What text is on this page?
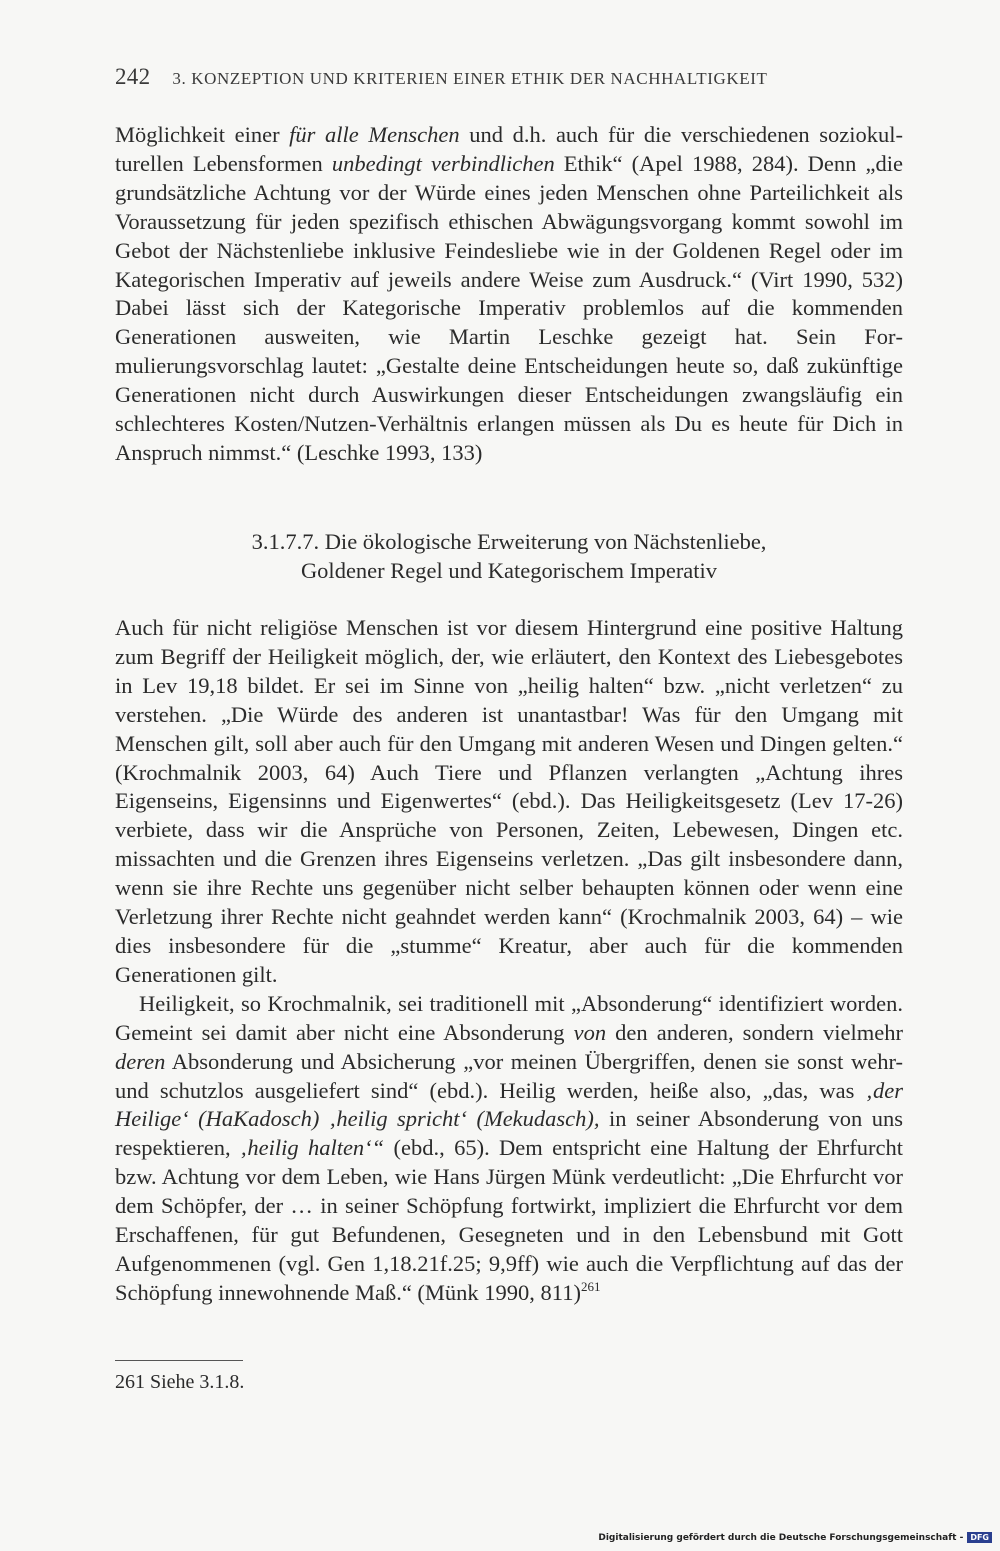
242 3. KONZEPTION UND KRITERIEN EINER ETHIK DER NACHHALTIGKEIT

Möglichkeit einer für alle Menschen und d.h. auch für die verschiedenen soziokulturellen Lebensformen unbedingt verbindlichen Ethik“ (Apel 1988, 284). Denn „die grundsätzliche Achtung vor der Würde eines jeden Menschen ohne Parteilichkeit als Voraussetzung für jeden spezifisch ethischen Abwägungsvorgang kommt sowohl im Gebot der Nächstenliebe inklusive Feindesliebe wie in der Goldenen Regel oder im Kategorischen Imperativ auf jeweils andere Weise zum Ausdruck.“ (Virt 1990, 532) Dabei lässt sich der Kategorische Imperativ problemlos auf die kommenden Generationen ausweiten, wie Martin Leschke gezeigt hat. Sein Formulierungsvorschlag lautet: „Gestalte deine Entscheidungen heute so, daß zukünftige Generationen nicht durch Auswirkungen dieser Entscheidungen zwangsläufig ein schlechteres Kosten/Nutzen-Verhältnis erlangen müssen als Du es heute für Dich in Anspruch nimmst.“ (Leschke 1993, 133)

3.1.7.7. Die ökologische Erweiterung von Nächstenliebe,
Goldener Regel und Kategorischem Imperativ

Auch für nicht religiöse Menschen ist vor diesem Hintergrund eine positive Haltung zum Begriff der Heiligkeit möglich, der, wie erläutert, den Kontext des Liebesgebotes in Lev 19,18 bildet. Er sei im Sinne von „heilig halten“ bzw. „nicht verletzen“ zu verstehen. „Die Würde des anderen ist unantastbar! Was für den Umgang mit Menschen gilt, soll aber auch für den Umgang mit anderen Wesen und Dingen gelten.“ (Krochmalnik 2003, 64) Auch Tiere und Pflanzen verlangten „Achtung ihres Eigenseins, Eigensinns und Eigenwertes“ (ebd.). Das Heiligkeitsgesetz (Lev 17-26) verbiete, dass wir die Ansprüche von Personen, Zeiten, Lebewesen, Dingen etc. missachten und die Grenzen ihres Eigenseins verletzen. „Das gilt insbesondere dann, wenn sie ihre Rechte uns gegenüber nicht selber behaupten können oder wenn eine Verletzung ihrer Rechte nicht geahndet werden kann“ (Krochmalnik 2003, 64) – wie dies insbesondere für die „stumme“ Kreatur, aber auch für die kommenden Generationen gilt.

Heiligkeit, so Krochmalnik, sei traditionell mit „Absonderung“ identifiziert worden. Gemeint sei damit aber nicht eine Absonderung von den anderen, sondern vielmehr deren Absonderung und Absicherung „vor meinen Übergriffen, denen sie sonst wehr- und schutzlos ausgeliefert sind“ (ebd.). Heilig werden, heiße also, „das, was ‚der Heilige‘ (HaKadosch) ‚heilig spricht‘ (Mekudasch), in seiner Absonderung von uns respektieren, ‚heilig halten‘“ (ebd., 65). Dem entspricht eine Haltung der Ehrfurcht bzw. Achtung vor dem Leben, wie Hans Jürgen Münk verdeutlicht: „Die Ehrfurcht vor dem Schöpfer, der … in seiner Schöpfung fortwirkt, impliziert die Ehrfurcht vor dem Erschaffenen, für gut Befundenen, Gesegneten und in den Lebensbund mit Gott Aufgenommenen (vgl. Gen 1,18.21f.25; 9,9ff) wie auch die Verpflichtung auf das der Schöpfung innewohnende Maß.“ (Münk 1990, 811)$^{261}$

261 Siehe 3.1.8.
Digitalisierung gefördert durch die Deutsche Forschungsgemeinschaft - DFG
